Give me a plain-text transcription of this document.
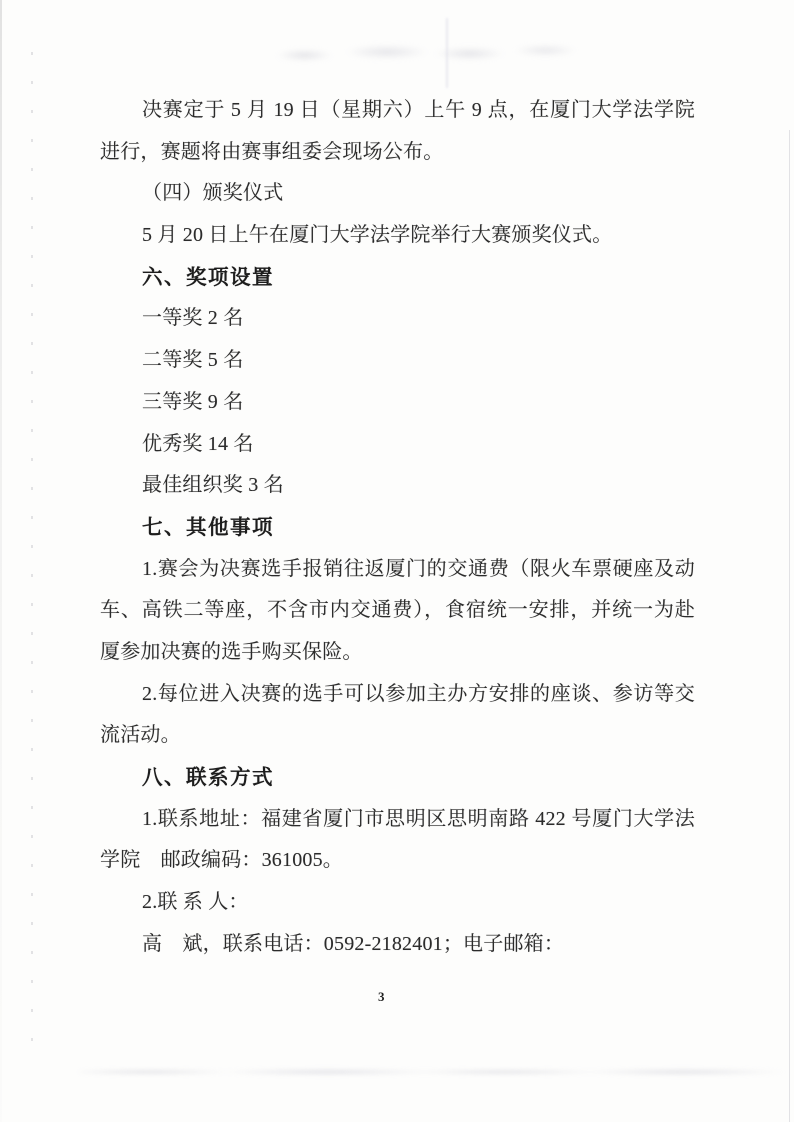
决赛定于 5 月 19 日（星期六）上午 9 点，在厦门大学法学院
进行，赛题将由赛事组委会现场公布。
（四）颁奖仪式
5 月 20 日上午在厦门大学法学院举行大赛颁奖仪式。
六、奖项设置
一等奖 2 名
二等奖 5 名
三等奖 9 名
优秀奖 14 名
最佳组织奖 3 名
七、其他事项
1.赛会为决赛选手报销往返厦门的交通费（限火车票硬座及动
车、高铁二等座，不含市内交通费），食宿统一安排，并统一为赴
厦参加决赛的选手购买保险。
2.每位进入决赛的选手可以参加主办方安排的座谈、参访等交
流活动。
八、联系方式
1.联系地址：福建省厦门市思明区思明南路 422 号厦门大学法
学院　邮政编码：361005。
2.联 系 人：
高　斌，联系电话：0592-2182401；电子邮箱：
3
